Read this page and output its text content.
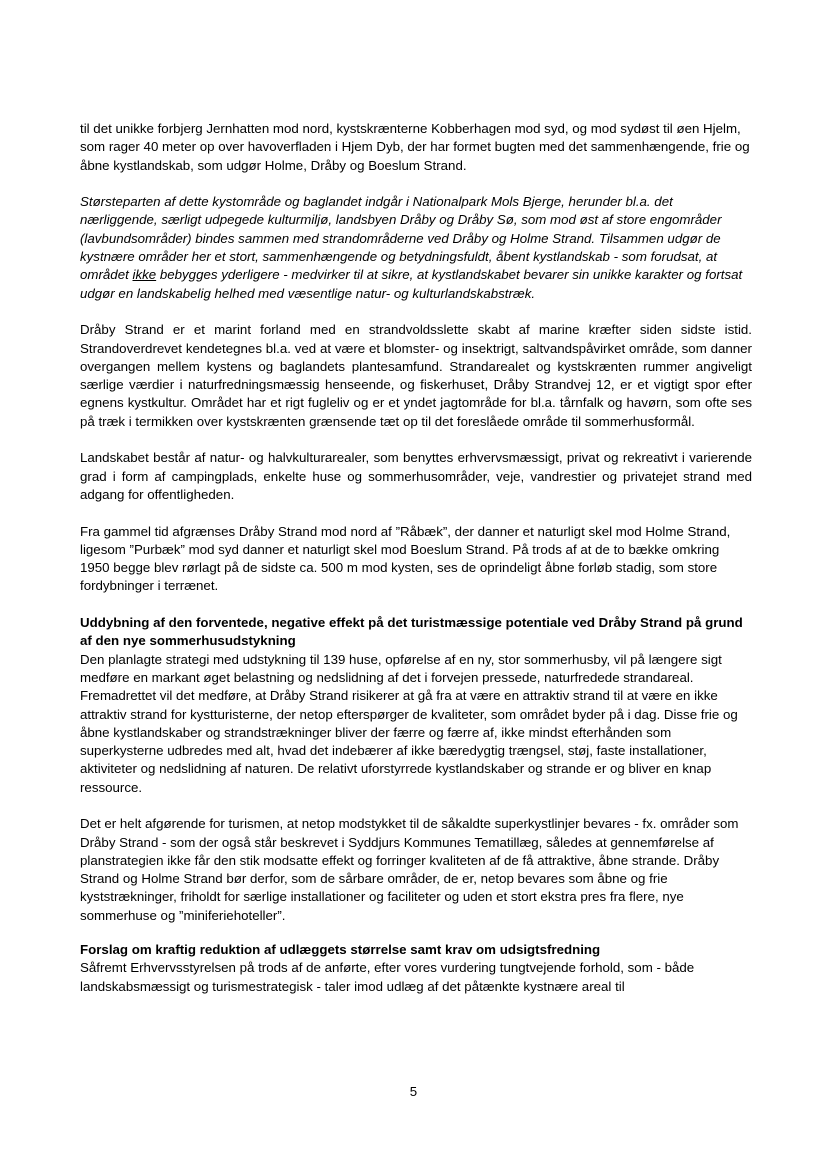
til det unikke forbjerg Jernhatten mod nord, kystskrænterne Kobberhagen mod syd, og mod sydøst til øen Hjelm, som rager 40 meter op over havoverfladen i Hjem Dyb, der har formet bugten med det sammenhængende, frie og åbne kystlandskab, som udgør Holme, Dråby og Boeslum Strand.

Størsteparten af dette kystområde og baglandet indgår i Nationalpark Mols Bjerge, herunder bl.a. det nærliggende, særligt udpegede kulturmiljø, landsbyen Dråby og Dråby Sø, som mod øst af store engområder (lavbundsområder) bindes sammen med strandområderne ved Dråby og Holme Strand. Tilsammen udgør de kystnære områder her et stort, sammenhængende og betydningsfuldt, åbent kystlandskab - som forudsat, at området ikke bebygges yderligere - medvirker til at sikre, at kystlandskabet bevarer sin unikke karakter og fortsat udgør en landskabelig helhed med væsentlige natur- og kulturlandskabstræk.

Dråby Strand er et marint forland med en strandvoldsslette skabt af marine kræfter siden sidste istid. Strandoverdrevet kendetegnes bl.a. ved at være et blomster- og insektrigt, saltvandspåvirket område, som danner overgangen mellem kystens og baglandets plantesamfund. Strandarealet og kystskrænten rummer angiveligt særlige værdier i naturfredningsmæssig henseende, og fiskerhuset, Dråby Strandvej 12, er et vigtigt spor efter egnens kystkultur. Området har et rigt fugleliv og er et yndet jagtområde for bl.a. tårnfalk og havørn, som ofte ses på træk i termikken over kystskrænten grænsende tæt op til det foreslåede område til sommerhusformål.

Landskabet består af natur- og halvkulturarealer, som benyttes erhvervsmæssigt, privat og rekreativt i varierende grad i form af campingplads, enkelte huse og sommerhusområder, veje, vandrestier og privatejet strand med adgang for offentligheden.

Fra gammel tid afgrænses Dråby Strand mod nord af ”Råbæk”, der danner et naturligt skel mod Holme Strand, ligesom ”Purbæk” mod syd danner et naturligt skel mod Boeslum Strand. På trods af at de to bække omkring 1950 begge blev rørlagt på de sidste ca. 500 m mod kysten, ses de oprindeligt åbne forløb stadig, som store fordybninger i terrænet.

Uddybning af den forventede, negative effekt på det turistmæssige potentiale ved Dråby Strand på grund af den nye sommerhusudstykning

Den planlagte strategi med udstykning til 139 huse, opførelse af en ny, stor sommerhusby, vil på længere sigt medføre en markant øget belastning og nedslidning af det i forvejen pressede, naturfredede strandareal. Fremadrettet vil det medføre, at Dråby Strand risikerer at gå fra at være en attraktiv strand til at være en ikke attraktiv strand for kystturisterne, der netop efterspørger de kvaliteter, som området byder på i dag. Disse frie og åbne kystlandskaber og strandstrækninger bliver der færre og færre af, ikke mindst efterhånden som superkysterne udbredes med alt, hvad det indebærer af ikke bæredygtig trængsel, støj, faste installationer, aktiviteter og nedslidning af naturen. De relativt uforstyrrede kystlandskaber og strande er og bliver en knap ressource.

Det er helt afgørende for turismen, at netop modstykket til de såkaldte superkystlinjer bevares - fx. områder som Dråby Strand - som der også står beskrevet i Syddjurs Kommunes Tematillæg, således at gennemførelse af planstrategien ikke får den stik modsatte effekt og forringer kvaliteten af de få attraktive, åbne strande. Dråby Strand og Holme Strand bør derfor, som de sårbare områder, de er, netop bevares som åbne og frie kyststrækninger, friholdt for særlige installationer og faciliteter og uden et stort ekstra pres fra flere, nye sommerhuse og ”miniferiehoteller”.

Forslag om kraftig reduktion af udlæggets størrelse samt krav om udsigtsfredning

Såfremt Erhvervsstyrelsen på trods af de anførte, efter vores vurdering tungtvejende forhold, som - både landskabsmæssigt og turismestrategisk - taler imod udlæg af det påtænkte kystnære areal til

5
